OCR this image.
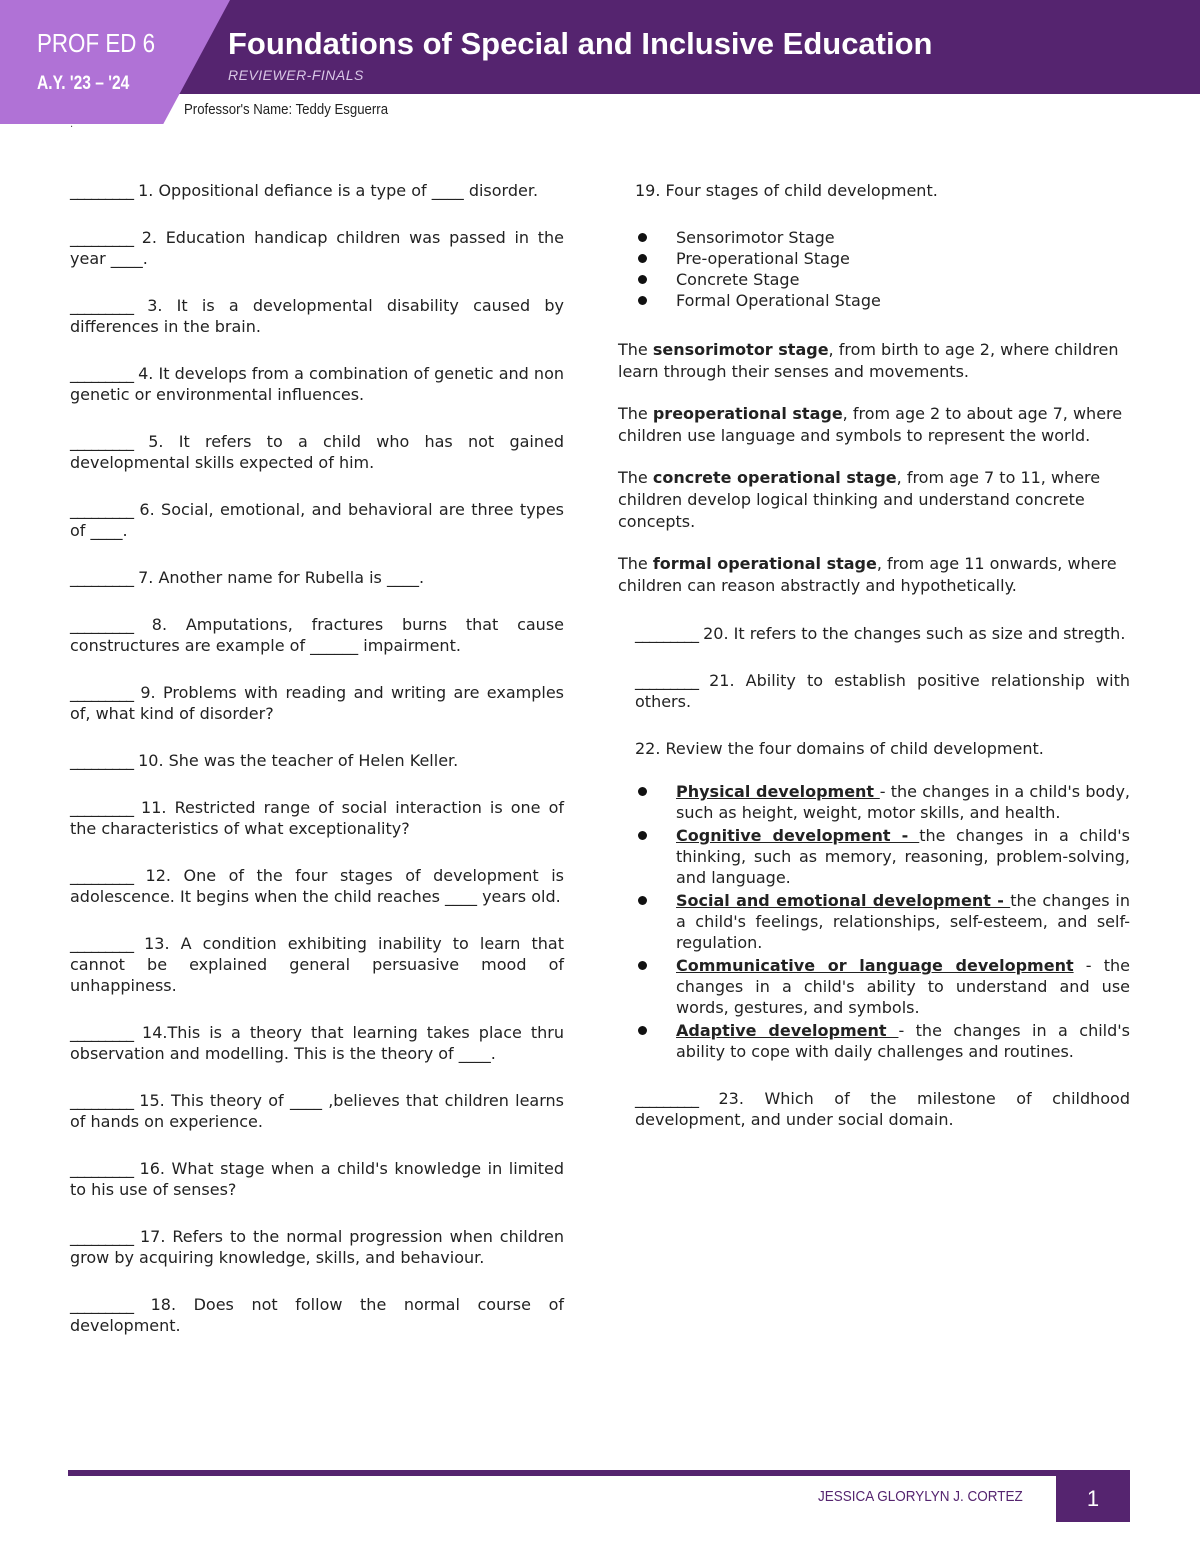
PROF ED 6
A.Y. '23 – '24
Foundations of Special and Inclusive Education
REVIEWER-FINALS
Professor's Name: Teddy Esguerra
.

_________ 1. Oppositional defiance is a type of ____ disorder.

_________ 2. Education handicap children was passed in the year ____.

_________ 3. It is a developmental disability caused by differences in the brain.

_________ 4. It develops from a combination of genetic and non genetic or environmental influences.

_________ 5. It refers to a child who has not gained developmental skills expected of him.

_________ 6. Social, emotional, and behavioral are three types of ____.

_________ 7. Another name for Rubella is ____.

_________ 8. Amputations, fractures burns that cause constructures are example of ______ impairment.

_________ 9. Problems with reading and writing are examples of, what kind of disorder?

_________ 10. She was the teacher of Helen Keller.

_________ 11. Restricted range of social interaction is one of the characteristics of what exceptionality?

_________ 12. One of the four stages of development is adolescence. It begins when the child reaches ____ years old.

_________ 13. A condition exhibiting inability to learn that cannot be explained general persuasive mood of unhappiness.

_________ 14.This is a theory that learning takes place thru observation and modelling. This is the theory of ____.

_________ 15. This theory of ____ ,believes that children learns of hands on experience.

_________ 16. What stage when a child's knowledge in limited to his use of senses?

_________ 17. Refers to the normal progression when children grow by acquiring knowledge, skills, and behaviour.

_________ 18. Does not follow the normal course of development.

19. Four stages of child development.

Sensorimotor Stage
Pre-operational Stage
Concrete Stage
Formal Operational Stage

The sensorimotor stage, from birth to age 2, where children learn through their senses and movements.

The preoperational stage, from age 2 to about age 7, where children use language and symbols to represent the world.

The concrete operational stage, from age 7 to 11, where children develop logical thinking and understand concrete concepts.

The formal operational stage, from age 11 onwards, where children can reason abstractly and hypothetically.

_________ 20. It refers to the changes such as size and stregth.

_________ 21. Ability to establish positive relationship with others.

22. Review the four domains of child development.

Physical development - the changes in a child's body, such as height, weight, motor skills, and health.
Cognitive development - the changes in a child's thinking, such as memory, reasoning, problem-solving, and language.
Social and emotional development - the changes in a child's feelings, relationships, self-esteem, and self-regulation.
Communicative or language development - the changes in a child's ability to understand and use words, gestures, and symbols.
Adaptive development - the changes in a child's ability to cope with daily challenges and routines.

_________ 23. Which of the milestone of childhood development, and under social domain.

JESSICA GLORYLYN J. CORTEZ	1
